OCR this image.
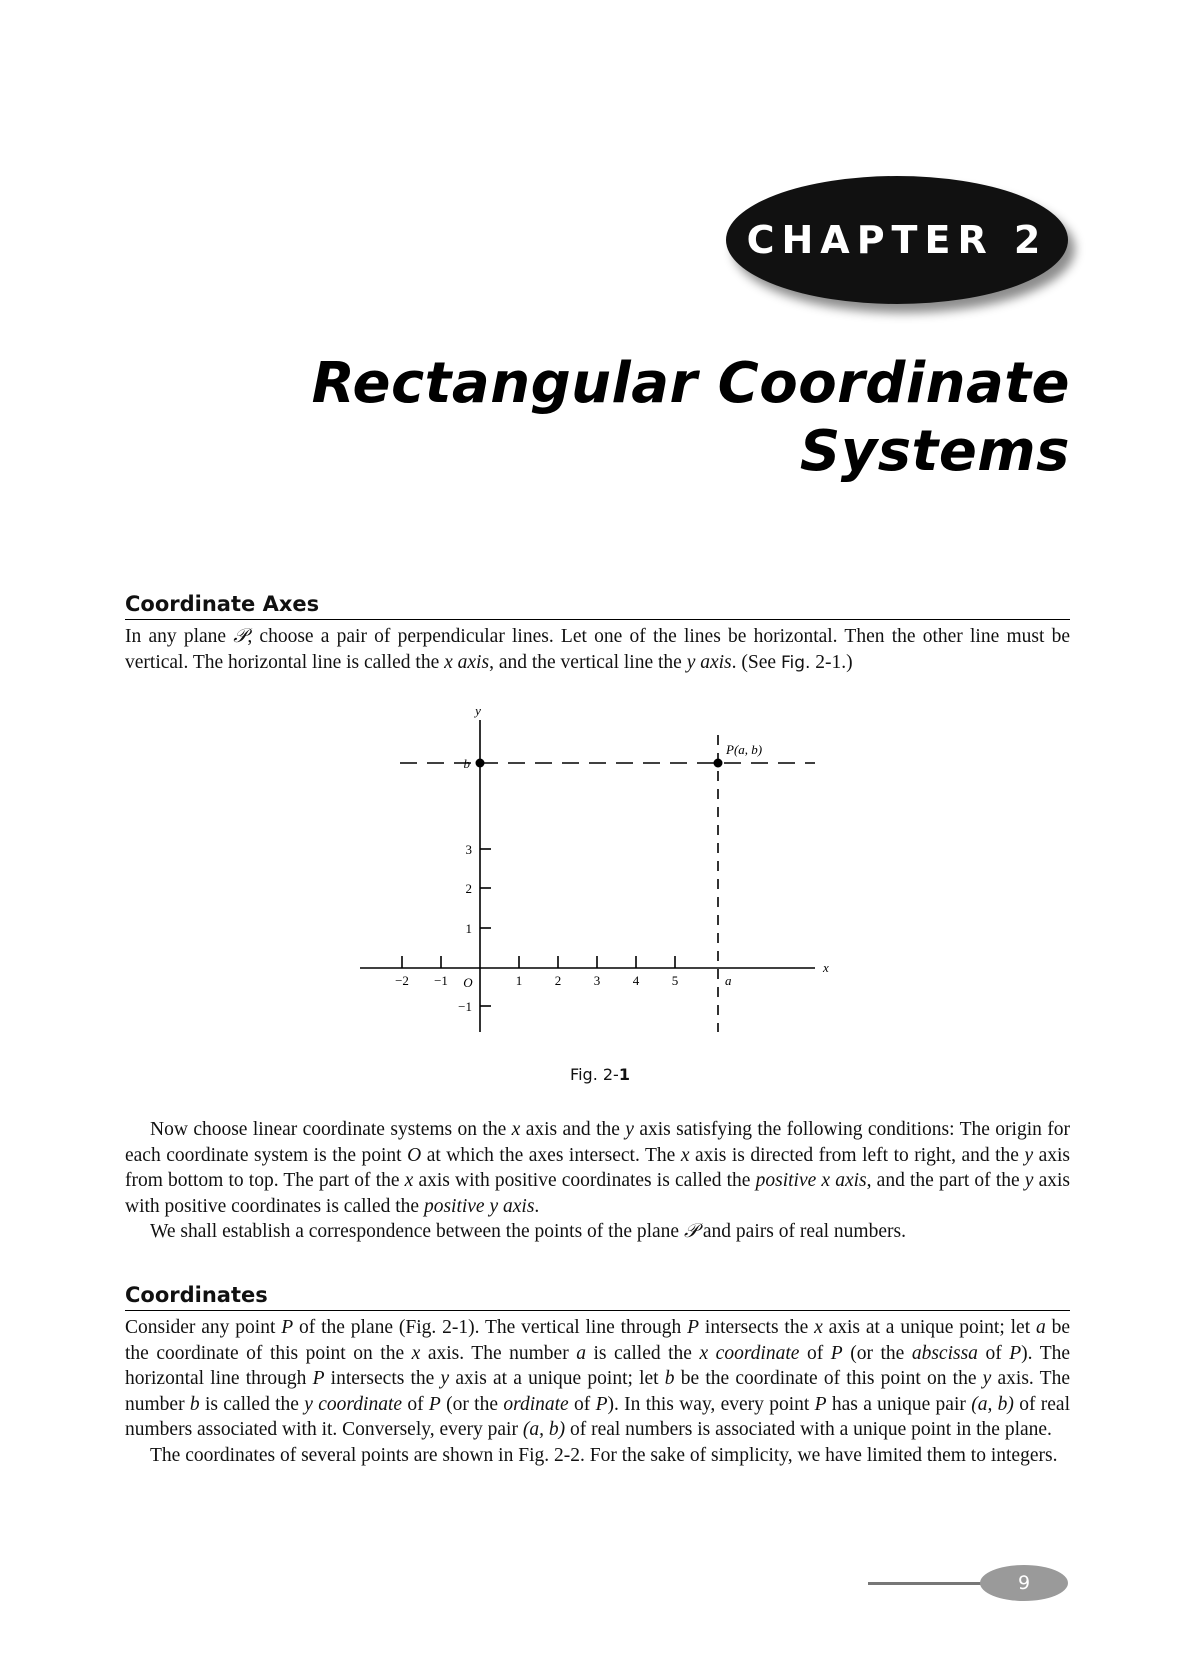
CHAPTER 2
Rectangular Coordinate
Systems
Coordinate Axes

In any plane 𝒫, choose a pair of perpendicular lines. Let one of the lines be horizontal. Then the other line must be vertical. The horizontal line is called the x axis, and the vertical line the y axis. (See Fig. 2-1.)

y
x
b
P(a, b)
a
O
−2 −1	1	2	3	4	5
3
2
1
−1
Fig. 2-1

Now choose linear coordinate systems on the x axis and the y axis satisfying the following conditions: The origin for each coordinate system is the point O at which the axes intersect. The x axis is directed from left to right, and the y axis from bottom to top. The part of the x axis with positive coordinates is called the positive x axis, and the part of the y axis with positive coordinates is called the positive y axis.

We shall establish a correspondence between the points of the plane 𝒫 and pairs of real numbers.

Coordinates

Consider any point P of the plane (Fig. 2-1). The vertical line through P intersects the x axis at a unique point; let a be the coordinate of this point on the x axis. The number a is called the x coordinate of P (or the abscissa of P). The horizontal line through P intersects the y axis at a unique point; let b be the coordinate of this point on the y axis. The number b is called the y coordinate of P (or the ordinate of P). In this way, every point P has a unique pair (a, b) of real numbers associated with it. Conversely, every pair (a, b) of real numbers is associated with a unique point in the plane.

The coordinates of several points are shown in Fig. 2-2. For the sake of simplicity, we have limited them to integers.

9
